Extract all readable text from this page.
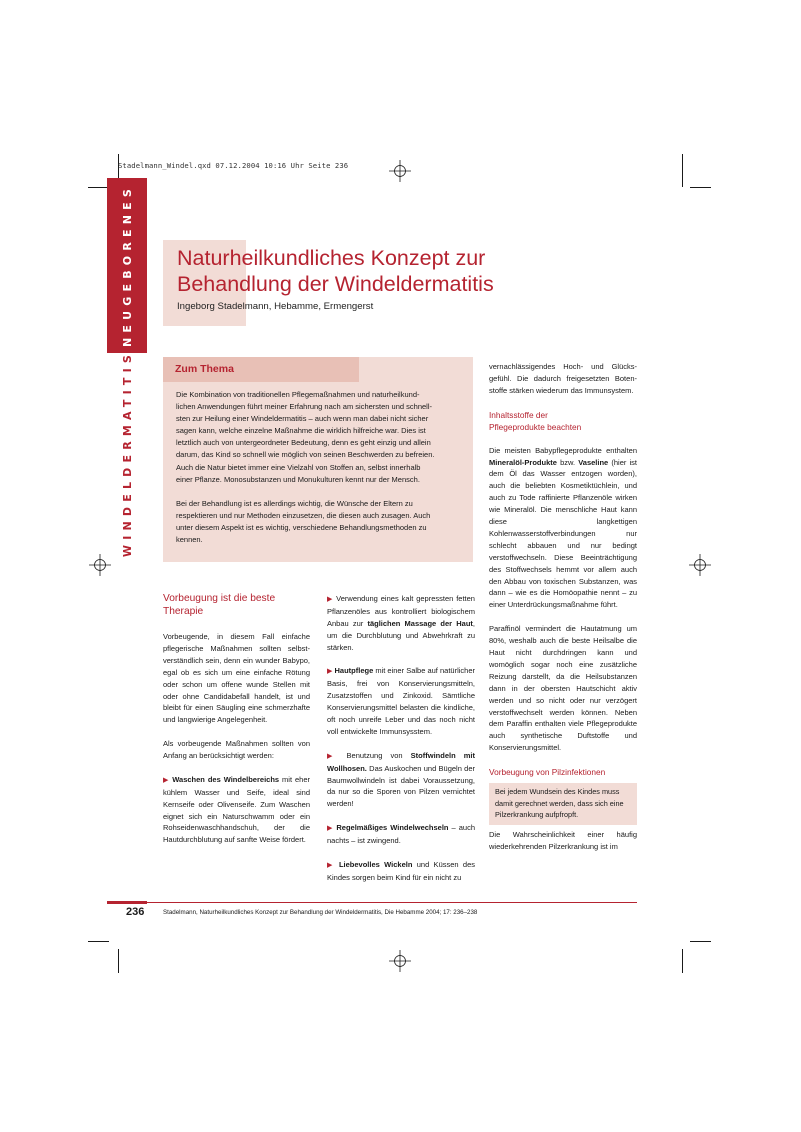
Stadelmann_Windel.qxd 07.12.2004 10:16 Uhr Seite 236
NEUGEBORENES
WINDELDERMATITIS
Naturheilkundliches Konzept zur
Behandlung der Windeldermatitis
Ingeborg Stadelmann, Hebamme, Ermengerst
Zum Thema

Die Kombination von traditionellen Pflegemaßnahmen und naturheilkund-
lichen Anwendungen führt meiner Erfahrung nach am sichersten und schnell-
sten zur Heilung einer Windeldermatitis – auch wenn man dabei nicht sicher
sagen kann, welche einzelne Maßnahme die wirklich hilfreiche war. Dies ist
letztlich auch von untergeordneter Bedeutung, denn es geht einzig und allein
darum, das Kind so schnell wie möglich von seinen Beschwerden zu befreien.
Auch die Natur bietet immer eine Vielzahl von Stoffen an, selbst innerhalb
einer Pflanze. Monosubstanzen und Monukulturen kennt nur der Mensch.

Bei der Behandlung ist es allerdings wichtig, die Wünsche der Eltern zu
respektieren und nur Methoden einzusetzen, die diesen auch zusagen. Auch
unter diesem Aspekt ist es wichtig, verschiedene Behandlungsmethoden zu
kennen.

Vorbeugung ist die beste
Therapie

Vorbeugende, in diesem Fall einfache pflegerische Maßnahmen sollten selbstverständlich sein, denn ein wunder Babypo, egal ob es sich um eine einfache Rötung oder schon um offene wunde Stellen mit oder ohne Candidabefall handelt, ist und bleibt für einen Säugling eine schmerzhafte und langwierige Angelegenheit.

Als vorbeugende Maßnahmen sollten von Anfang an berücksichtigt werden:

▶ Waschen des Windelbereichs mit eher kühlem Wasser und Seife, ideal sind Kernseife oder Olivenseife. Zum Waschen eignet sich ein Naturschwamm oder ein Rohseidenwaschhandschuh, der die Hautdurchblutung auf sanfte Weise fördert.

▶ Verwendung eines kalt gepressten fetten Pflanzenöles aus kontrolliert biologischem Anbau zur täglichen Massage der Haut, um die Durchblutung und Abwehrkraft zu stärken.

▶ Hautpflege mit einer Salbe auf natürlicher Basis, frei von Konservierungsmitteln, Zusatzstoffen und Zinkoxid. Sämtliche Konservierungsmittel belasten die kindliche, oft noch unreife Leber und das noch nicht voll entwickelte Immunsysstem.

▶ Benutzung von Stoffwindeln mit Wollhosen. Das Auskochen und Bügeln der Baumwollwindeln ist dabei Voraussetzung, da nur so die Sporen von Pilzen vernichtet werden!

▶ Regelmäßiges Windelwechseln – auch nachts – ist zwingend.

▶ Liebevolles Wickeln und Küssen des Kindes sorgen beim Kind für ein nicht zu

vernachlässigendes Hoch- und Glücksgefühl. Die dadurch freigesetzten Botenstoffe stärken wiederum das Immunsystem.

Inhaltsstoffe der
Pflegeprodukte beachten

Die meisten Babypflegeprodukte enthalten Mineralöl-Produkte bzw. Vaseline (hier ist dem Öl das Wasser entzogen worden), auch die beliebten Kosmetiktüchlein, und auch zu Tode raffinierte Pflanzenöle wirken wie Mineralöl. Die menschliche Haut kann diese langkettigen Kohlenwasserstoffverbindungen nur schlecht abbauen und nur bedingt verstoffwechseln. Diese Beeinträchtigung des Stoffwechsels hemmt vor allem auch den Abbau von toxischen Substanzen, was dann – wie es die Homöopathie nennt – zu einer Unterdrückungsmaßnahme führt.

Paraffinöl vermindert die Hautatmung um 80%, weshalb auch die beste Heilsalbe die Haut nicht durchdringen kann und womöglich sogar noch eine zusätzliche Reizung darstellt, da die Heilsubstanzen dann in der obersten Hautschicht aktiv werden und so nicht oder nur verzögert verstoffwechselt werden können. Neben dem Paraffin enthalten viele Pflegeprodukte auch synthetische Duftstoffe und Konservierungsmittel.

Vorbeugung von Pilzinfektionen
Bei jedem Wundsein des Kindes muss
damit gerechnet werden, dass sich eine
Pilzerkrankung aufpfropft.

Die Wahrscheinlichkeit einer häufig wiederkehrenden Pilzerkrankung ist im

236	Stadelmann, Naturheilkundliches Konzept zur Behandlung der Windeldermatitis, Die Hebamme 2004; 17: 236–238
